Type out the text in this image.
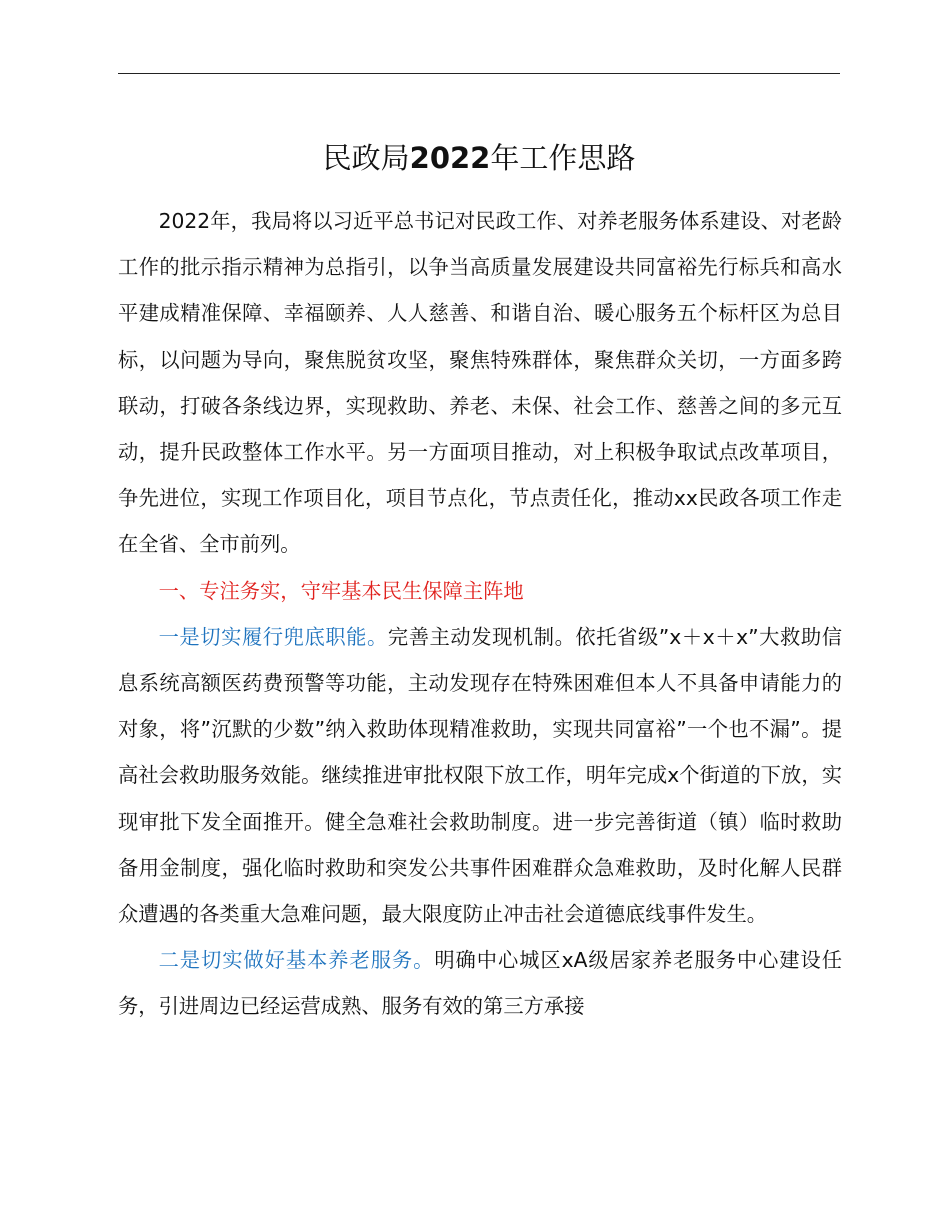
民政局2022年工作思路

2022年，我局将以习近平总书记对民政工作、对养老服务体系建设、对老龄工作的批示指示精神为总指引，以争当高质量发展建设共同富裕先行标兵和高水平建成精准保障、幸福颐养、人人慈善、和谐自治、暖心服务五个标杆区为总目标，以问题为导向，聚焦脱贫攻坚，聚焦特殊群体，聚焦群众关切，一方面多跨联动，打破各条线边界，实现救助、养老、未保、社会工作、慈善之间的多元互动，提升民政整体工作水平。另一方面项目推动，对上积极争取试点改革项目，争先进位，实现工作项目化，项目节点化，节点责任化，推动xx民政各项工作走在全省、全市前列。

一、专注务实，守牢基本民生保障主阵地

一是切实履行兜底职能。完善主动发现机制。依托省级”x＋x＋x”大救助信息系统高额医药费预警等功能，主动发现存在特殊困难但本人不具备申请能力的对象，将”沉默的少数”纳入救助体现精准救助，实现共同富裕”一个也不漏”。提高社会救助服务效能。继续推进审批权限下放工作，明年完成x个街道的下放，实现审批下发全面推开。健全急难社会救助制度。进一步完善街道（镇）临时救助备用金制度，强化临时救助和突发公共事件困难群众急难救助，及时化解人民群众遭遇的各类重大急难问题，最大限度防止冲击社会道德底线事件发生。

二是切实做好基本养老服务。明确中心城区xA级居家养老服务中心建设任务，引进周边已经运营成熟、服务有效的第三方承接
